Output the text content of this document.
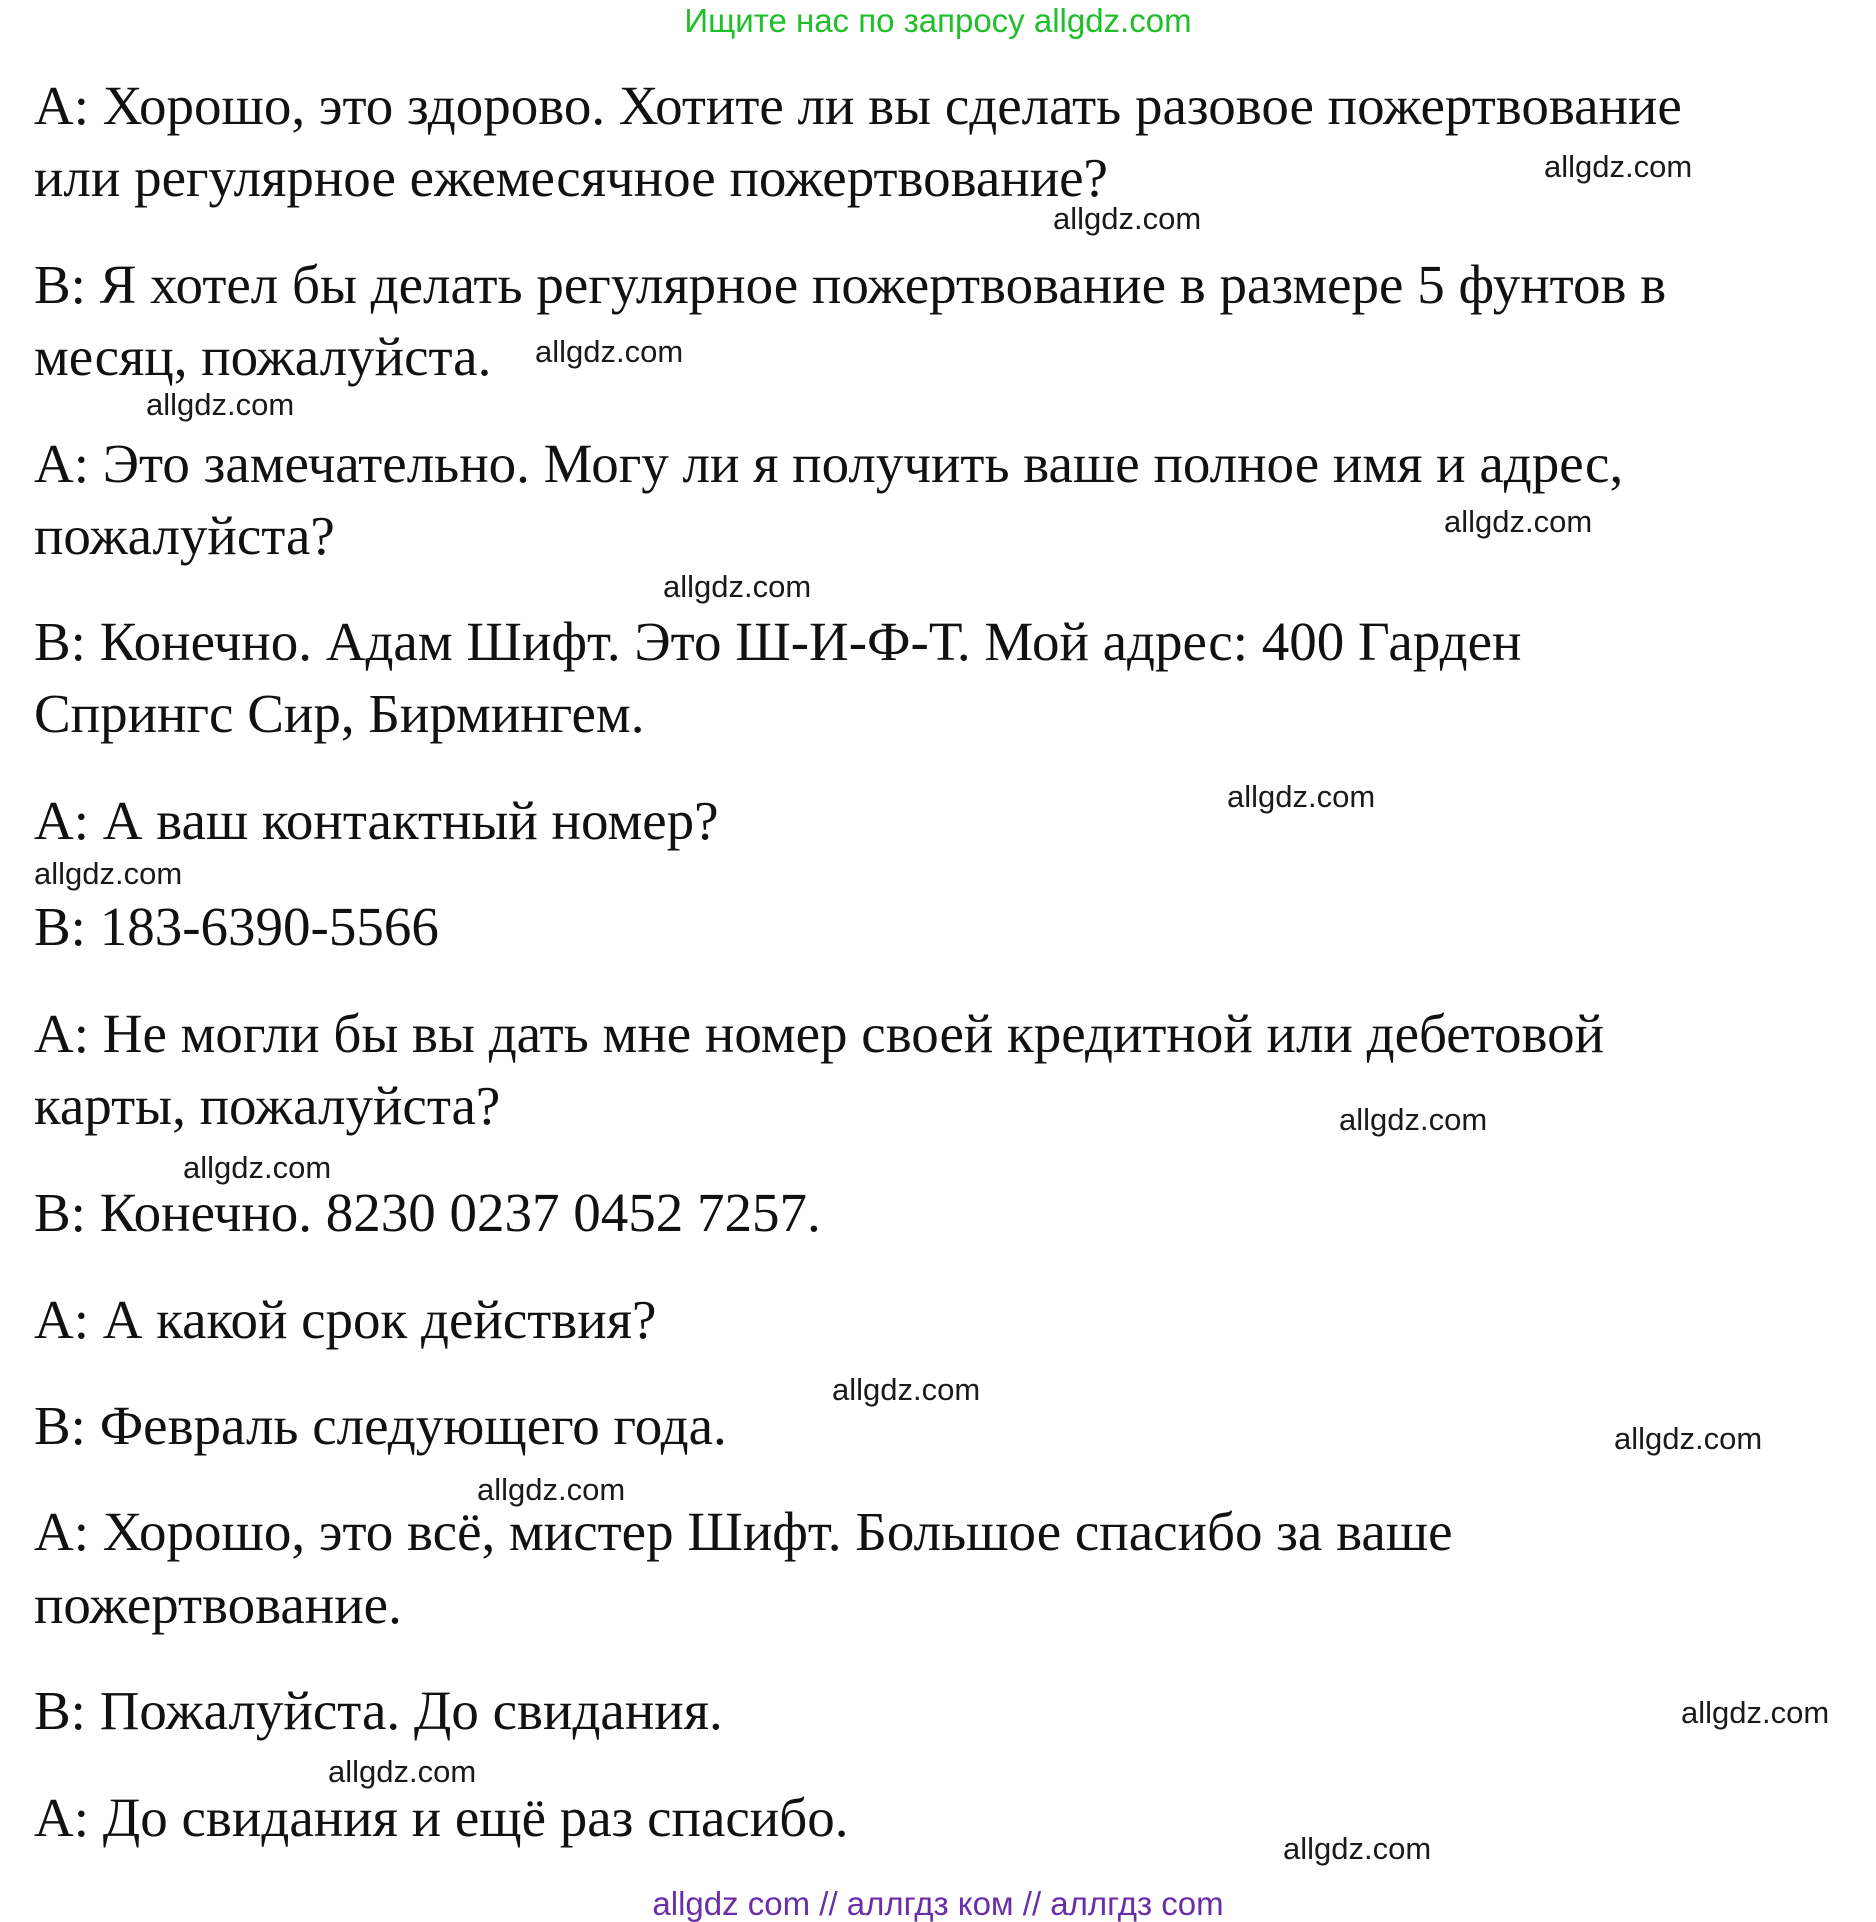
Ищите нас по запросу allgdz.com
A: Хорошо, это здорово. Хотите ли вы сделать разовое пожертвование
или регулярное ежемесячное пожертвование?
B: Я хотел бы делать регулярное пожертвование в размере 5 фунтов в
месяц, пожалуйста.
A: Это замечательно. Могу ли я получить ваше полное имя и адрес,
пожалуйста?
B: Конечно. Адам Шифт. Это Ш-И-Ф-Т. Мой адрес: 400 Гарден
Спрингс Сир, Бирмингем.
A: А ваш контактный номер?
B: 183-6390-5566
A: Не могли бы вы дать мне номер своей кредитной или дебетовой
карты, пожалуйста?
B: Конечно. 8230 0237 0452 7257.
A: А какой срок действия?
B: Февраль следующего года.
A: Хорошо, это всё, мистер Шифт. Большое спасибо за ваше
пожертвование.
B: Пожалуйста. До свидания.
A: До свидания и ещё раз спасибо.
allgdz.com
allgdz.com
allgdz.com
allgdz.com
allgdz.com
allgdz.com
allgdz.com
allgdz.com
allgdz.com
allgdz.com
allgdz.com
allgdz.com
allgdz.com
allgdz.com
allgdz.com
allgdz.com
allgdz com // аллгдз ком // аллгдз com
